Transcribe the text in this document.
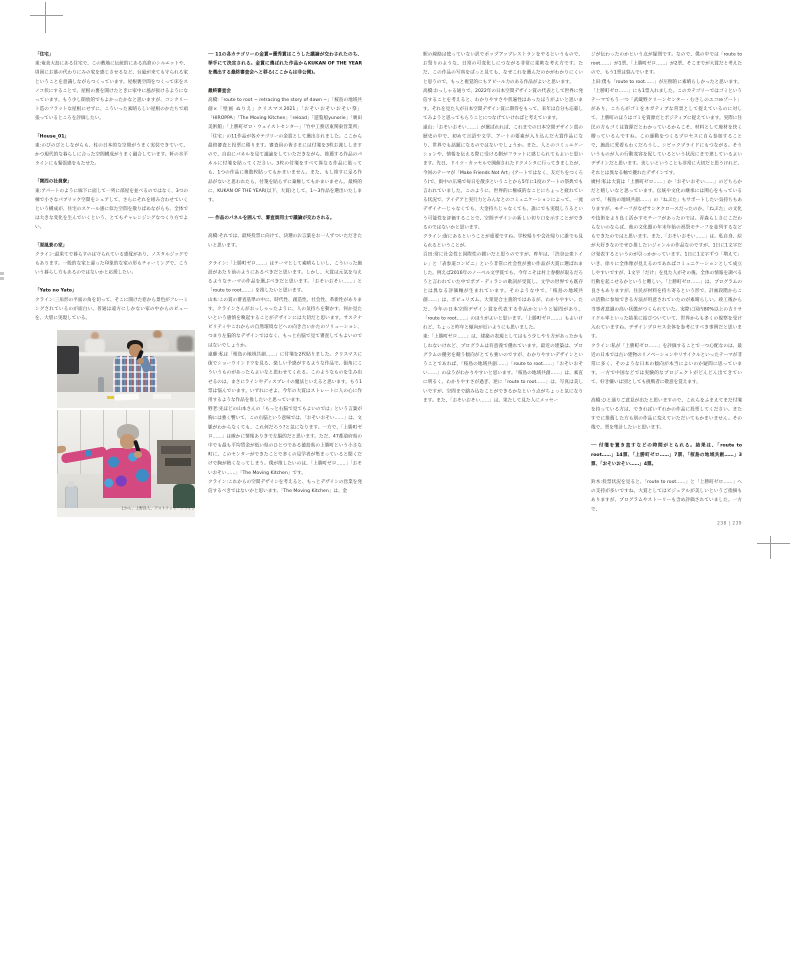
「住宅」

東:奄美大島にある住宅で、この敷地に伝統的にある高倉のシルエットや、周囲にお墓の代わりにみの家を感じさせるなど、台風が来ても守られる家ということを意識しながらつくっています。屋根裏空間をつくって床をスノコ状にすることで、屋根の裏を開けたときに家中に風が抜けるようになっています。もう少し開放的でもよかったかなと思いますが、コンクリート造のフラットな屋根にせずに、こういった素晴らしい屋根のかたちで頑張っているところを評価したい。

「House_01」

東:のびのびとしながらも、柱の日本的な空間がうまく実装できていて、かつ現代的な暮らしに合った空間構成がうまく融合しています。軒の水平ラインにも緊張感をもたせた。

「関西の社員寮」

東:アパートのように廊下に面して一列に部屋を並べるのではなく、3つの棟で小さなパブリック空間をシェアして、さらにそれを組み合わせていくという構成が、住宅のスケール感に似た空間を散りばめながらも、全体では大きな変化を生んでいくという、とてもチャレンジングなつくり方でよい。

「原風景の家」

クライン:最果てで暮らすのは守られている感覚があり、ノスタルジックでもあります。一般的な家と違った印象的な家の形もチャーミングで、こういう暮らし方もあるのではないかと応援したい。

「Yato no Yato」

クライン:三角形の平面の角を切って、そこに開けた窓から景色がフレーミングされているのが面白い。普通は遠方にしかない家の中からのビューを、大胆に実現している。

── 11の各カテゴリーの金賞=優秀賞はこうした議論が交わされたのち、挙手にて決定される。金賞に選ばれた作品からKUKAN OF THE YEARを選出する最終審査会へと移る(ここからは非公開)。

最終審査会

高橋:「route to root − retracing the story of dawn −」「桜島の地域共創×「壁画 ぬりえ」クリスマス2021」「おそいおそいおそい祭」「HIROPPA」「The Moving Kitchen」「reload」「遊覧船yunorie」「廣田美術館」「上勝町ゼロ・ウェイストセンター」「竹中工務店東関東営業所」「住宅」の11作品が各カテゴリーの金賞として選出されました。ここから最終審査と投票に移ります。審査員の皆さまには付箋を3枚お渡ししますので、自由にパネルを見て議論をしていただきながら、推薦する作品のパネルに付箋を貼ってください。3枚の付箋をすべて異なる作品に貼っても、1つの作品に複数枚貼ってもかまいません。また、もし推すに足る作品がないと思われたら、付箋を貼らずに棄権してもかまいません。最終的に、KUKAN OF THE YEAR(以下、大賞)として、1〜3作品を選出いたします。

── 作品のパネルを囲んで、審査員同士で議論が交わされる。

高橋:それでは、最終投票に向けて、決選のお言葉をお一人ずついただきたいと思います。

クライン:「上勝町ゼロ……」はテーマとして素晴らしいし、こういった施設があたり前のようにあるべきだと思います。しかし、大賞は元気を与えるようなテーマの作品を選ぶべきだと思います。「おそいおそい……」と「route to root……」を推したいと思います。

山本:この賞の審査基準の中に、時代性、創造性、社会性、革新性があります。クラインさんがおっしゃったように、人の気持ちを動かす、何か見たいという感情を喚起することがデザインには大切だと思います。サステナビリティやこれからの自然環境などへの向き合いかたのソリューション、つまり左脳的なデザインではなく、もっと右脳で見て審査してもよいのではないでしょうか。

遠藤:私は「桜島の地域共創……」に付箋を2枚貼りました。クリスマスに街でショーウインドウを見る、楽しい予感がするような作品で、街角にこういうものがあったらよいなと思わせてくれる。このようなものを生み出せるのは、まさにラインやディスプレイの魔法といえると思います。もう1票は悩んでいます。いずれにせよ、今年の大賞はストレートに人の心に作用するような作品を推したいと思っています。

野老:先ほどの山本さんの「もっと右脳で見てもよいのでは」という言葉が胸には強く響いて、この右脳という意味では、「おそいおそい……」は、文脈がわからなくても、これ何だろう?と気になります。一方で、「上勝町ゼロ……」は確かに情報ありきで左脳的だと思います。ただ、47都道府県の中でも最も平均賃金が低い県のひとつである徳島県の上勝町という小さな町に、このセンターができたことで多くの見学者が集まっていると聞くだけで胸が熱くなってしまう。僕が推したいのは、「上勝町ゼロ……」「おそいおそい……」「The Moving Kitchen」です。

クライン:これからの空間デザインを考えると、もっとデザインの営業を発信するべきではないかと思います。「The Moving Kitchen」は、金

上から、上野昌人、アストリッド・クライン

駅の線路は使っていない訳でポップアップレストランをやるというもので、お祭りのような、日常の可変化しにつながる非常に柔軟な考え方です。ただ、この作品の写真をぱっと見ても、なぜこれを選んだのかがわかりにくいと思うので、もっと視覚的にもアピール力のある作品がよいと思います。

高橋:おっしゃる通りで、2022年の日本空間デザイン賞の代表として世界に発信することを考えると、わかりやすさや普遍性はあったほうがよいと思います。それを見た人が日本空間デザイン賞に期待をもって、来年は自分も応募してみようと思ってもらうことにつなげていければと考えています。

遠山:「おそいおそい……」が選ばれれば、これまでの日本空間デザイン賞の歴史の中で、初めて言語や文学、アートの要素が入り込んだ大賞作品になり、世界でも話題になるのではないでしょうか。また、人とのコミュニケーションや、情報を伝える際に受ける側がフラットに感じられてもよいと思います。先日、ドイツ・カッセルで開催されたドクメンタに行ってきましたが、今回のテーマが「Make Friends Not Art」(アートではなく、友だちをつくろう)で、街中の広場で毎日を散歩ということから5年に1度のアートの祭典でも言われていました。このように、世界的に権威的なことにちょっと疲れている状況で、アイデアと実行力とみんなとのコミュニケーションによって、一流デザイナーじゃなくても、大金持ちじゃなくても、誰にでも実現しうるという可能性を評価することで、空間デザインの新しい切り口を示すことができるのではないかと思います。

クライン:街にあるということが重要ですね。学校帰りや会社帰りに誰でも見られるということが。

百田:常に社会性と国際性の闘いだと思うのですが、昨年は、「渋谷公衆トイレ」と「表参道コンビニ」という非常に社会性が強い作品が大賞に選ばれました。例えば2016年のノーベル文学賞でも、今年こそは村上春樹が取るだろうと言われていた中でボブ・ディランの歌詞が受賞し、文学の世界でも既存とは異なる評価軸が生まれています。そのような中で、「桜島の地域共創……」は、ポピュリズム、大衆迎合主義的ではあるが、わかりやすい。ただ、今年の日本空間デザイン賞を代表する作品かというと疑問があり、「route to root……」のほうがよいと思います。「上勝町ゼロ……」もよいけれど、ちょっと昨年と傾向が近いようにも思いました。

東:「上勝町ゼロ……」は、建築の表現としてはもう少しやり方があったかもしれないけれど、プログラムは有意義で優れています。最近の建築は、プログラムの優劣を競う傾向がとても強いのですが、わかりやすいデザインということであれば、「桜島の地域共創……」「route to root……」「おそいおそい……」のほうがわかりやすいと思います。「桜島の地域共創……」は、素直に明るく、わかりやすさが過ぎ、逆に「route to root……」は、写真は美しいですが、空間まで踏み込むことができるかなという点がちょっと気になります。また、「おそいおそい……」は、果たして見た人にメッセー

ジが伝わったのかという点が疑問です。なので、僕の中では「route to root……」が1票、「上勝町ゼロ……」が2票、そこまでが大賞だと考えたので、もう1票は悩んでいます。

上田:僕も「route to root……」が圧倒的に素晴らしかったと思います。「上勝町ゼロ……」にも1票入れました。このカテゴリーではゴミというテーマでもう一つ「武蔵野クリーンセンター・むさしのエコreゾート」があり、こちらがゴミをネガティブな背景として捉えているのに対して、上勝町のほうはゴミを資源だとポジティブに捉えています。実際に住民の方もゴミは資源だとわかっているからこそ、材料として廃材を快く贈っているんですね。この運動をつくるプロセスに自ら参加することで、施設に愛着もわくだろうし、シビックプライドにもつながる。そういうものが人の行動変容を促しているという状況にまで達しているよいデザインだと思います。美しいということも非常に大切だと思うけれど、それとは異なる軸で優れたデザインです。

廣村:私は大賞は「上勝町ゼロ……」か「おそいおそい……」のどちらかだと嬉しいなと思っています。伝統や文化の継承には関心をもっているので、「桜島の地域共創……」の「ねぶた」もサポートしたい気持ちもありますが、モチーフがなぜサンタクロースだったのか。「ねぶた」の文化や技術をより良く活かすモチーフがあったのでは。青森らしさにこだわらないのならば、他の文化圏の年末年始の祝祭モチーフを並列するなどもできたのではと思います。また、「おそいおそい……」は、私自身、絵が大好きなのでぜひ推したいジャンルの作品なのですが、1日に1文字だけ発表するというのが引っかかっています。1日に1文字ずつ「増えて」いき、徐々に全体像が見えるのであればコミュニケーションとして成立しやすいですが、1文字「だけ」を見た人がその後、全体の情報を調べる行動を起こせるかというと難しい。「上勝町ゼロ……」は、プログラムの良さもありますが、住民が材料を持ち寄るという形で、計画段階からこの活動に参加できる方法が用意されていたのが素晴らしい。竣工後から当事者意識の高い状態がつくられていた。実際に国内80%以上の古リサイクル率といった結果に結びついていて、世界からも多くの視察を受け入れていますね。デザインプロセス全体を参考にすべき事例だと思います。

クライン:私が「上勝町ゼロ……」を評価することで一つ心配なのは、最近の日本では古い建物のリノベーションやリサイクルといったテーマが非常に多く、そのような日本の傾向が本当によいのか疑問に思っています。一方で中国などでは実験的なプロジェクトがどんどん出てきていて、好き嫌いは別としても挑戦者に敬意を覚えます。

高橋:ひと通りご意見が出たと思いますので、これらをふまえてまだ付箋を持っている方は、できればいずれかの作品に投票してください。またすでに推薦した方も別の作品に変えていただいてもかまいません。その後で、票を集計したいと思います。

── 付箋を置き直すなどの時間がとられる。結果は、「route to root……」14票、「上勝町ゼロ……」7票、「桜島の地域共創……」3票、「おそいおそい……」4票。

鈴木:投票状況を見ると、「route to root……」と「上勝町ゼロ……」への支持が多いですね。大賞としてはビジュアルが美しいというご指摘もありますが、プログラムやストーリーも含め評価されていました。一方で、

238 | 239
